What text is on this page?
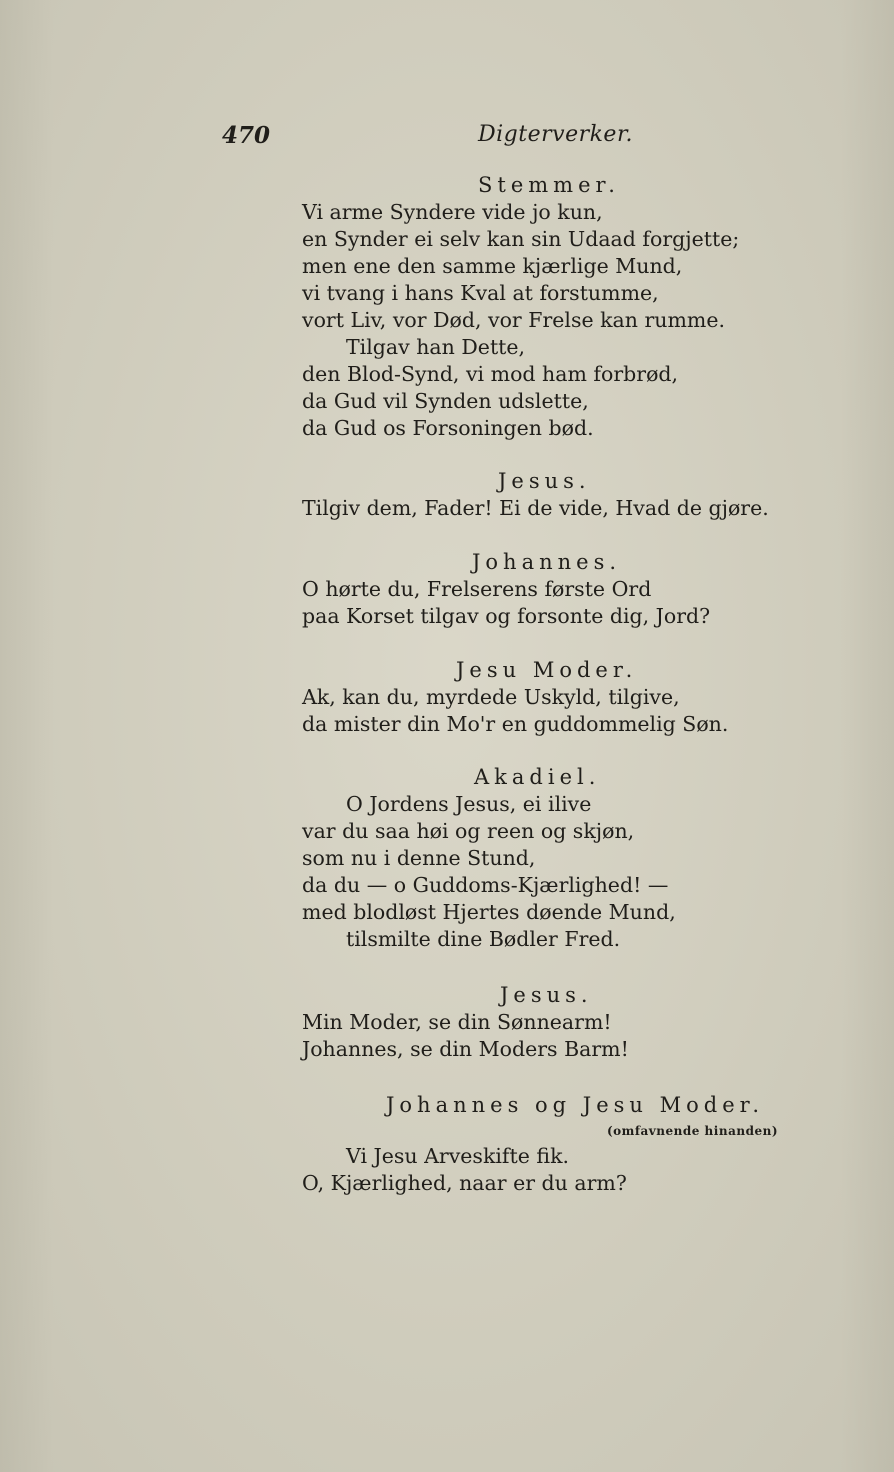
470	Digterverker.
Stemmer.
Vi arme Syndere vide jo kun,
en Synder ei selv kan sin Udaad forgjette;
men ene den samme kjærlige Mund,
vi tvang i hans Kval at forstumme,
vort Liv, vor Død, vor Frelse kan rumme.
Tilgav han Dette,
den Blod-Synd, vi mod ham forbrød,
da Gud vil Synden udslette,
da Gud os Forsoningen bød.
Jesus.
Tilgiv dem, Fader! Ei de vide, Hvad de gjøre.
Johannes.
O hørte du, Frelserens første Ord
paa Korset tilgav og forsonte dig, Jord?
Jesu Moder.
Ak, kan du, myrdede Uskyld, tilgive,
da mister din Mo'r en guddommelig Søn.
Akadiel.
O Jordens Jesus, ei ilive
var du saa høi og reen og skjøn,
som nu i denne Stund,
da du — o Guddoms-Kjærlighed! —
med blodløst Hjertes døende Mund,
tilsmilte dine Bødler Fred.
Jesus.
Min Moder, se din Sønnearm!
Johannes, se din Moders Barm!
Johannes og Jesu Moder.
(omfavnende hinanden)
Vi Jesu Arveskifte fik.
O, Kjærlighed, naar er du arm?
